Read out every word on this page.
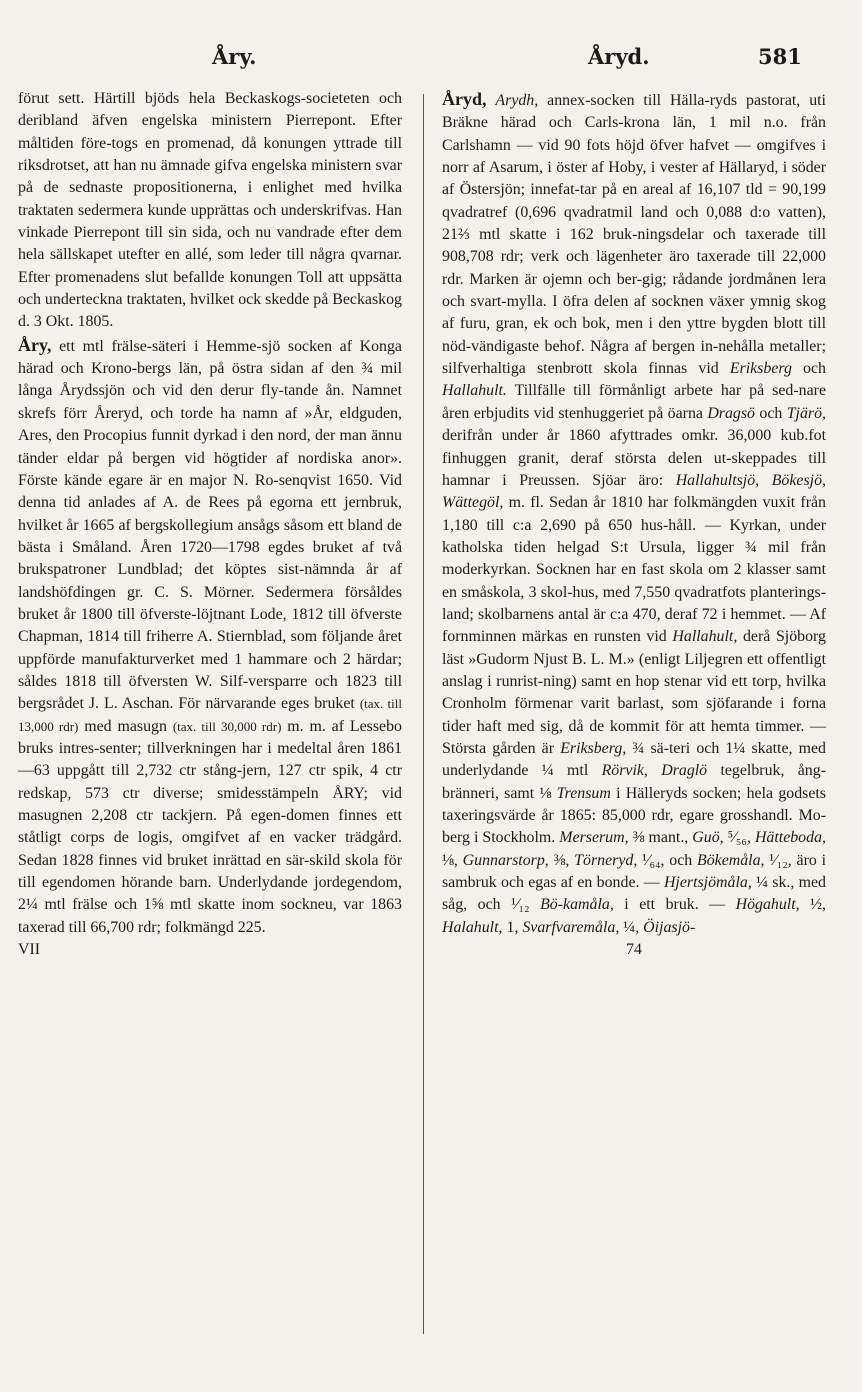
Åry.	Åryd.	581

förut sett. Härtill bjöds hela Beckaskogs-societeten och deribland äfven engelska ministern Pierrepont. Efter måltiden före-togs en promenad, då konungen yttrade till riksdrotset, att han nu ämnade gifva engelska ministern svar på de sednaste propositionerna, i enlighet med hvilka traktaten sedermera kunde upprättas och underskrifvas. Han vinkade Pierrepont till sin sida, och nu vandrade efter dem hela sällskapet utefter en allé, som leder till några qvarnar. Efter promenadens slut befallde konungen Toll att uppsätta och underteckna traktaten, hvilket ock skedde på Beckaskog d. 3 Okt. 1805.

Åry, ett mtl frälse-säteri i Hemme-sjö socken af Konga härad och Krono-bergs län, på östra sidan af den ¾ mil långa Årydssjön och vid den derur fly-tande ån. Namnet skrefs förr Åreryd, och torde ha namn af »År, eldguden, Ares, den Procopius funnit dyrkad i den nord, der man ännu tänder eldar på bergen vid högtider af nordiska anor». Förste kände egare är en major N. Ro-senqvist 1650. Vid denna tid anlades af A. de Rees på egorna ett jernbruk, hvilket år 1665 af bergskollegium ansågs såsom ett bland de bästa i Småland. Åren 1720—1798 egdes bruket af två brukspatroner Lundblad; det köptes sist-nämnda år af landshöfdingen gr. C. S. Mörner. Sedermera försåldes bruket år 1800 till öfverste-löjtnant Lode, 1812 till öfverste Chapman, 1814 till friherre A. Stiernblad, som följande året uppförde manufakturverket med 1 hammare och 2 härdar; såldes 1818 till öfversten W. Silf-versparre och 1823 till bergsrådet J. L. Aschan. För närvarande eges bruket (tax. till 13,000 rdr) med masugn (tax. till 30,000 rdr) m. m. af Lessebo bruks intres-senter; tillverkningen har i medeltal åren 1861—63 uppgått till 2,732 ctr stång-jern, 127 ctr spik, 4 ctr redskap, 573 ctr diverse; smidesstämpeln ÅRY; vid masugnen 2,208 ctr tackjern. På egen-domen finnes ett ståtligt corps de logis, omgifvet af en vacker trädgård. Sedan 1828 finnes vid bruket inrättad en sär-skild skola för till egendomen hörande barn. Underlydande jordegendom, 2¼ mtl frälse och 1⅝ mtl skatte inom sockneu, var 1863 taxerad till 66,700 rdr; folkmängd 225.

VII

Åryd, Arydh, annex-socken till Hälla-ryds pastorat, uti Bräkne härad och Carls-krona län, 1 mil n.o. från Carlshamn — vid 90 fots höjd öfver hafvet — omgifves i norr af Asarum, i öster af Hoby, i vester af Hällaryd, i söder af Östersjön; innefat-tar på en areal af 16,107 tld = 90,199 qvadratref (0,696 qvadratmil land och 0,088 d:o vatten), 21⅔ mtl skatte i 162 bruk-ningsdelar och taxerade till 908,708 rdr; verk och lägenheter äro taxerade till 22,000 rdr. Marken är ojemn och ber-gig; rådande jordmånen lera och svart-mylla. I öfra delen af socknen växer ymnig skog af furu, gran, ek och bok, men i den yttre bygden blott till nöd-vändigaste behof. Några af bergen in-nehålla metaller; silfverhaltiga stenbrott skola finnas vid Eriksberg och Hallahult. Tillfälle till förmånligt arbete har på sed-nare åren erbjudits vid stenhuggeriet på öarna Dragsö och Tjärö, derifrån under år 1860 afyttrades omkr. 36,000 kub.fot finhuggen granit, deraf största delen ut-skeppades till hamnar i Preussen. Sjöar äro: Hallahultsjö, Bökesjö, Wättegöl, m. fl. Sedan år 1810 har folkmängden vuxit från 1,180 till c:a 2,690 på 650 hus-håll. — Kyrkan, under katholska tiden helgad S:t Ursula, ligger ¾ mil från moderkyrkan. Socknen har en fast skola om 2 klasser samt en småskola, 3 skol-hus, med 7,550 qvadratfots planterings-land; skolbarnens antal är c:a 470, deraf 72 i hemmet. — Af fornminnen märkas en runsten vid Hallahult, derå Sjöborg läst »Gudorm Njust B. L. M.» (enligt Liljegren ett offentligt anslag i runrist-ning) samt en hop stenar vid ett torp, hvilka Cronholm förmenar varit barlast, som sjöfarande i forna tider haft med sig, då de kommit för att hemta timmer. — Största gården är Eriksberg, ¾ sä-teri och 1¼ skatte, med underlydande ¼ mtl Rörvik, Draglö tegelbruk, ång-bränneri, samt ⅛ Trensum i Hälleryds socken; hela godsets taxeringsvärde år 1865: 85,000 rdr, egare grosshandl. Mo-berg i Stockholm. Merserum, ⅜ mant., Guö, ⁵⁄₅₆, Hätteboda, ⅛, Gunnarstorp, ⅜, Törneryd, ¹⁄₆₄, och Bökemåla, ¹⁄₁₂, äro i sambruk och egas af en bonde. — Hjertsjömåla, ¼ sk., med såg, och ¹⁄₁₂ Bö-kamåla, i ett bruk. — Högahult, ½, Halahult, 1, Svarfvaremåla, ¼, Öijasjö-

74
